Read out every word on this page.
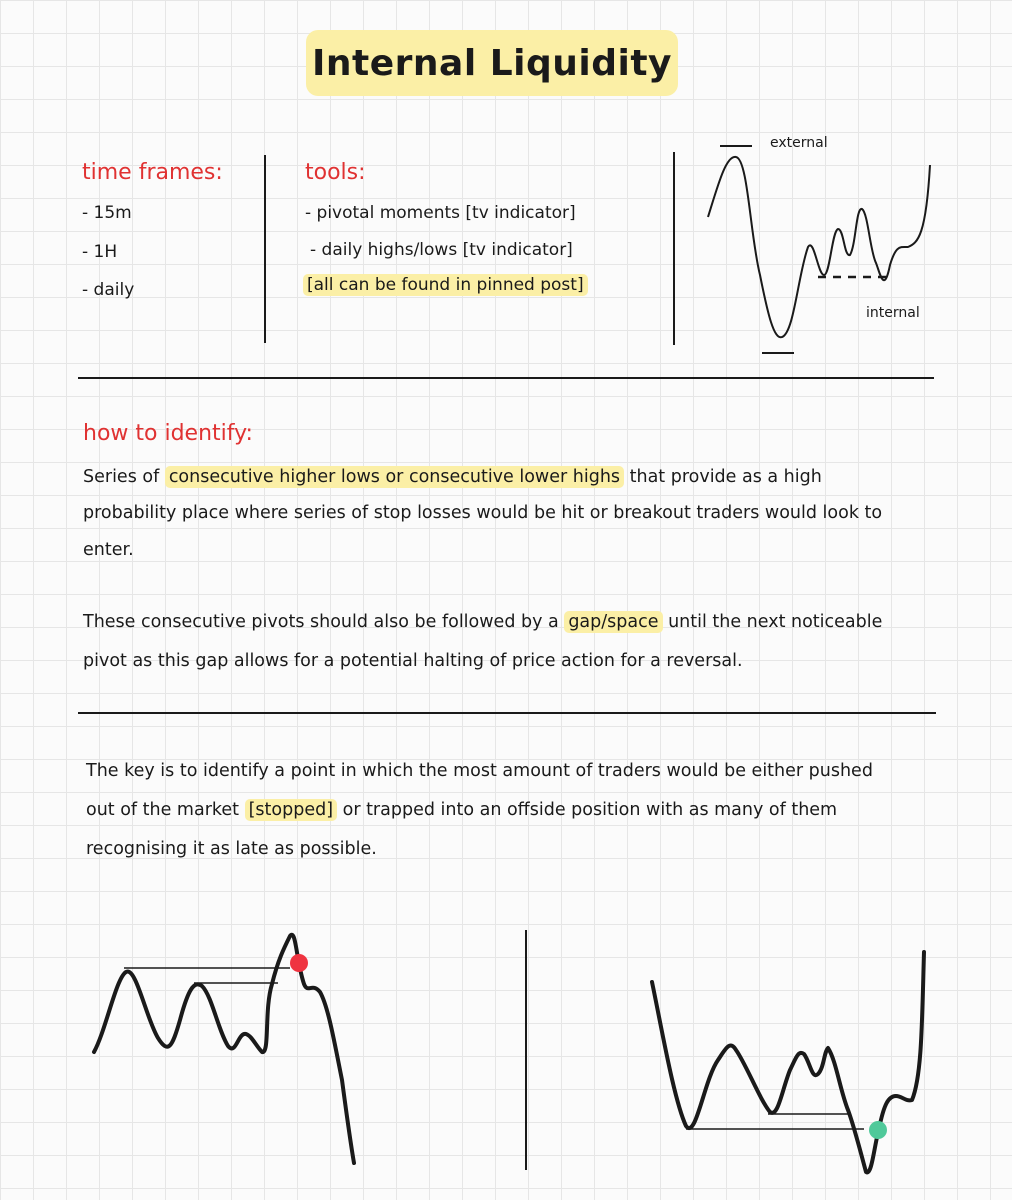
Internal Liquidity
time frames:
- 15m
- 1H
- daily
tools:
- pivotal moments [tv indicator]
- daily highs/lows [tv indicator]
[all can be found in pinned post]
external
internal
how to identify:
Series of consecutive higher lows or consecutive lower highs that provide as a high
probability place where series of stop losses would be hit or breakout traders would look to
enter.
These consecutive pivots should also be followed by a gap/space until the next noticeable
pivot as this gap allows for a potential halting of price action for a reversal.
The key is to identify a point in which the most amount of traders would be either pushed
out of the market [stopped] or trapped into an offside position with as many of them
recognising it as late as possible.
